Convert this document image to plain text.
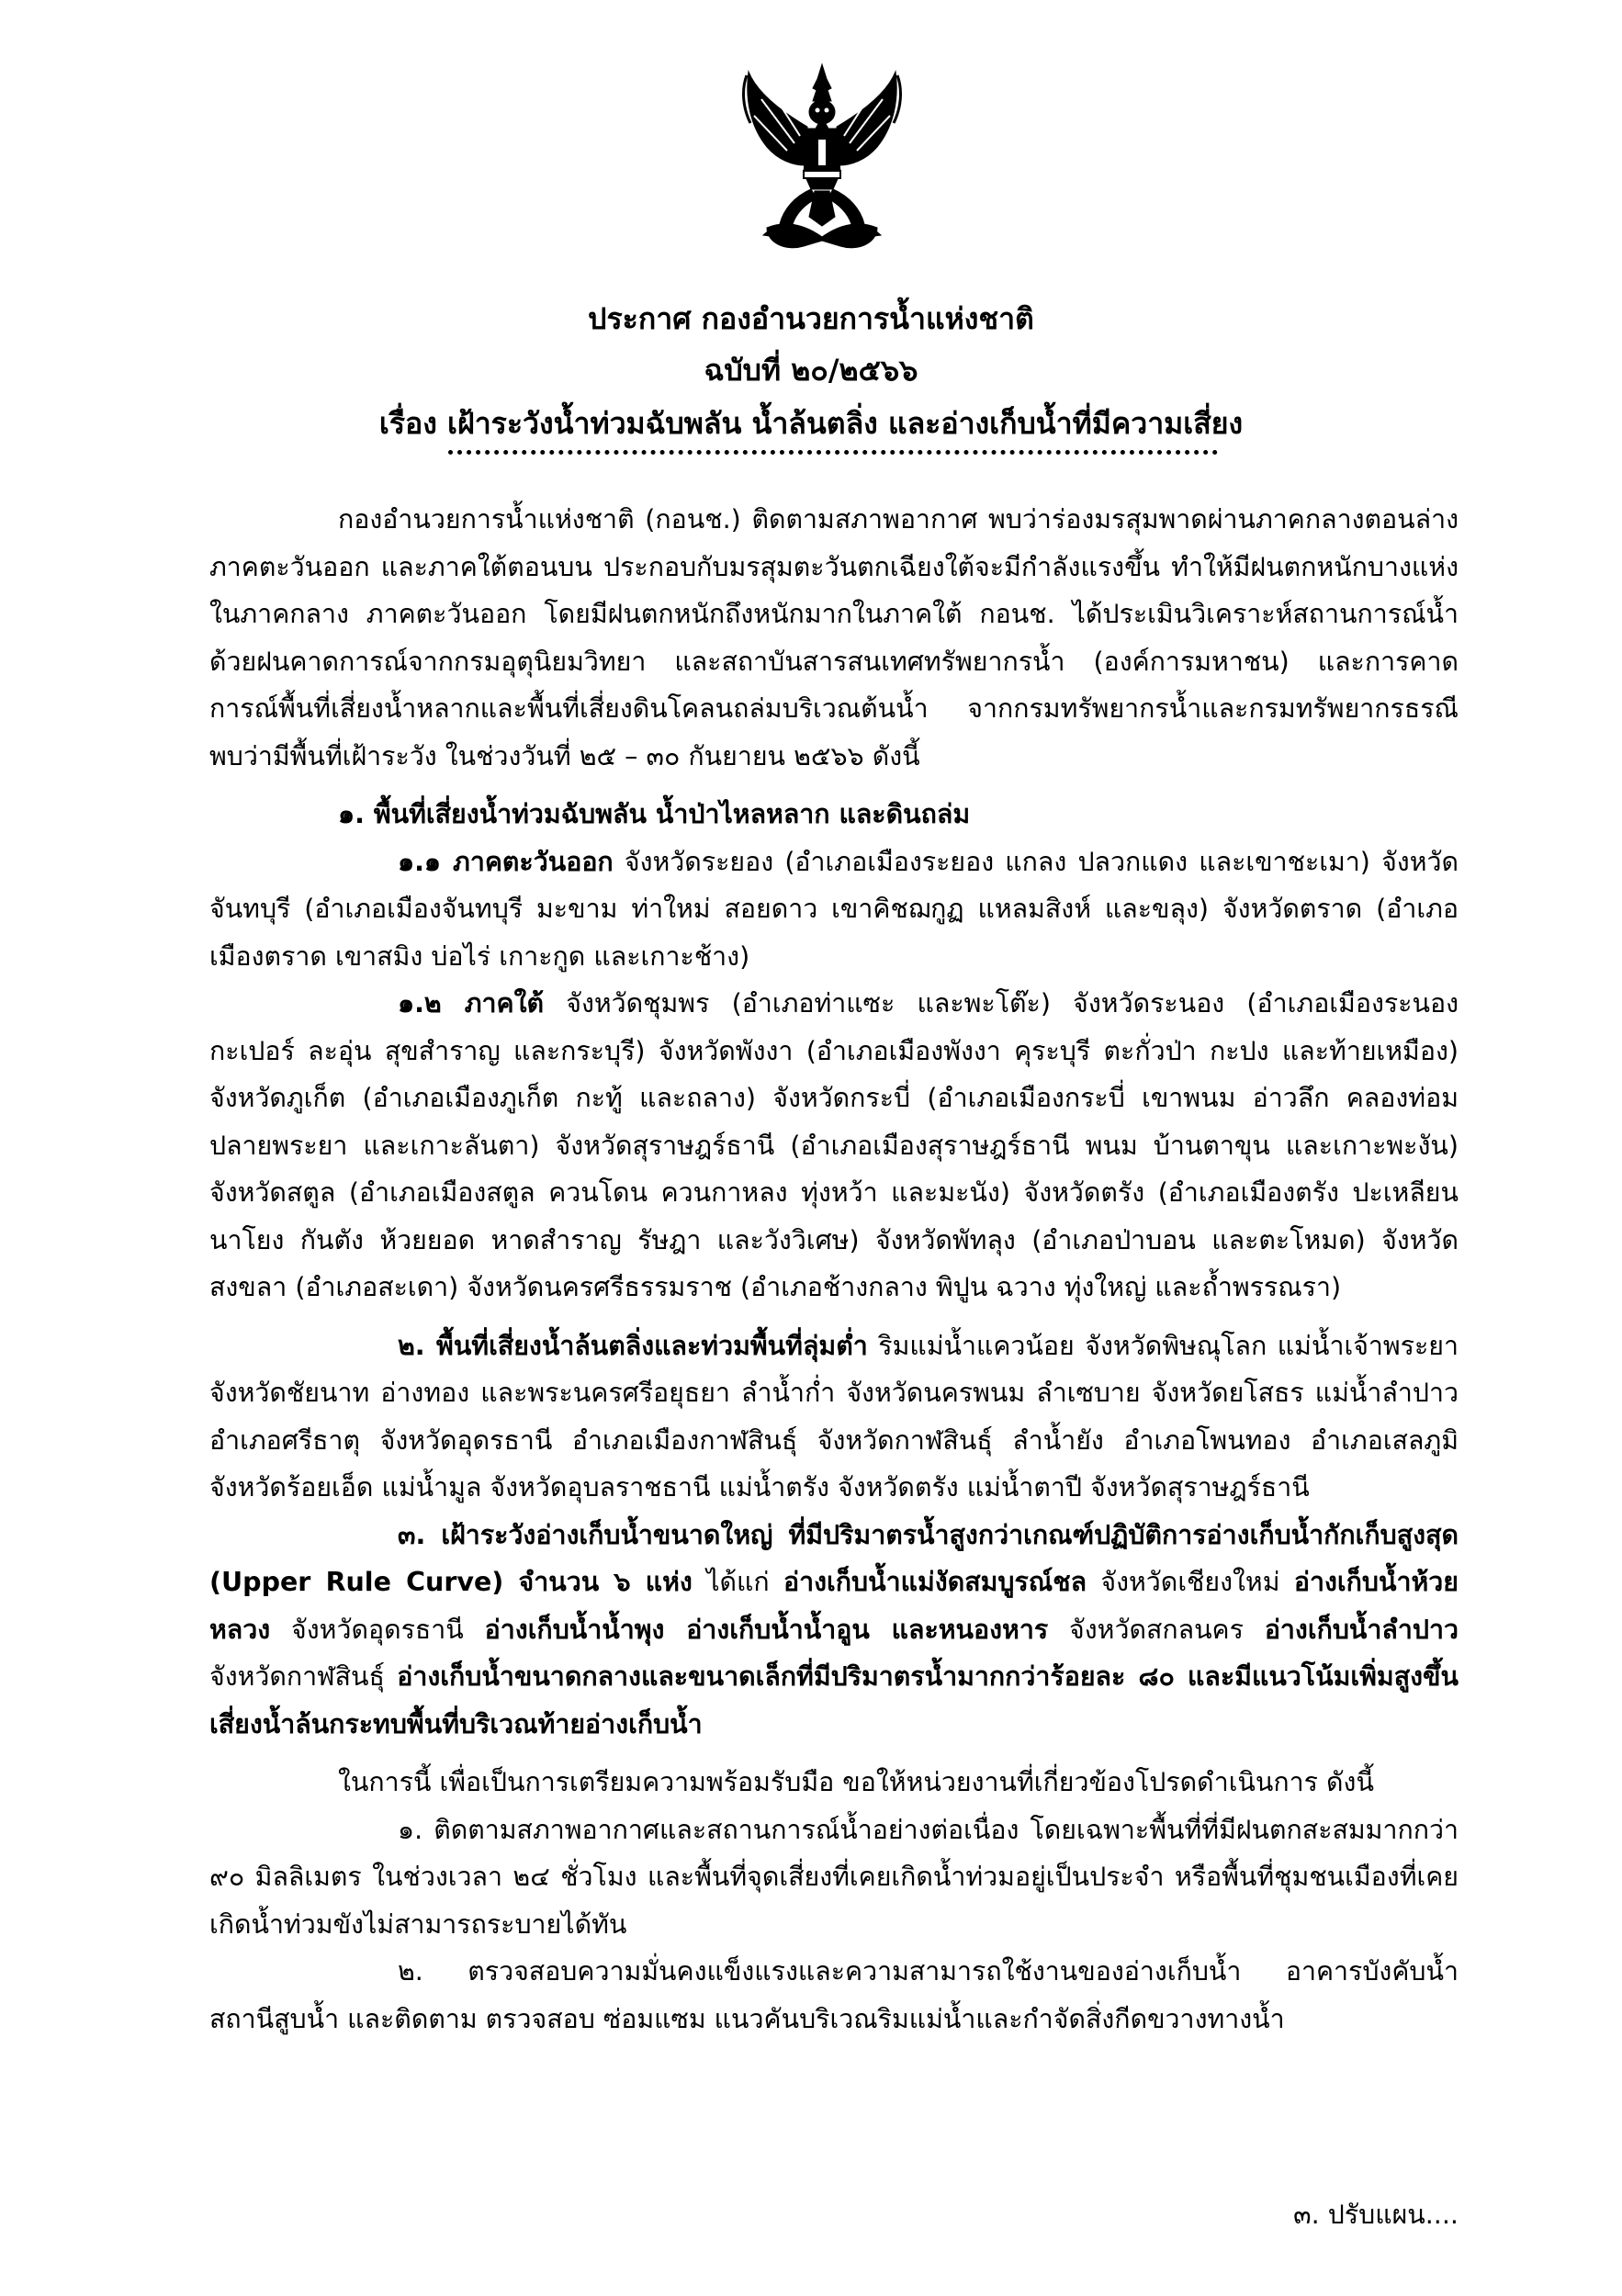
ประกาศ กองอำนวยการน้ำแห่งชาติ
ฉบับที่ ๒๐/๒๕๖๖
เรื่อง เฝ้าระวังน้ำท่วมฉับพลัน น้ำล้นตลิ่ง และอ่างเก็บน้ำที่มีความเสี่ยง

กองอำนวยการน้ำแห่งชาติ (กอนช.) ติดตามสภาพอากาศ พบว่าร่องมรสุมพาดผ่านภาคกลางตอนล่าง ภาคตะวันออก และภาคใต้ตอนบน ประกอบกับมรสุมตะวันตกเฉียงใต้จะมีกำลังแรงขึ้น ทำให้มีฝนตกหนักบางแห่งในภาคกลาง ภาคตะวันออก โดยมีฝนตกหนักถึงหนักมากในภาคใต้ กอนช. ได้ประเมินวิเคราะห์สถานการณ์น้ำด้วยฝนคาดการณ์จากกรมอุตุนิยมวิทยา และสถาบันสารสนเทศทรัพยากรน้ำ (องค์การมหาชน) และการคาดการณ์พื้นที่เสี่ยงน้ำหลากและพื้นที่เสี่ยงดินโคลนถล่มบริเวณต้นน้ำ จากกรมทรัพยากรน้ำและกรมทรัพยากรธรณี พบว่ามีพื้นที่เฝ้าระวัง ในช่วงวันที่ ๒๕ – ๓๐ กันยายน ๒๕๖๖ ดังนี้

๑. พื้นที่เสี่ยงน้ำท่วมฉับพลัน น้ำป่าไหลหลาก และดินถล่ม

๑.๑ ภาคตะวันออก จังหวัดระยอง (อำเภอเมืองระยอง แกลง ปลวกแดง และเขาชะเมา) จังหวัดจันทบุรี (อำเภอเมืองจันทบุรี มะขาม ท่าใหม่ สอยดาว เขาคิชฌกูฏ แหลมสิงห์ และขลุง) จังหวัดตราด (อำเภอเมืองตราด เขาสมิง บ่อไร่ เกาะกูด และเกาะช้าง)

๑.๒ ภาคใต้ จังหวัดชุมพร (อำเภอท่าแซะ และพะโต๊ะ) จังหวัดระนอง (อำเภอเมืองระนอง กะเปอร์ ละอุ่น สุขสำราญ และกระบุรี) จังหวัดพังงา (อำเภอเมืองพังงา คุระบุรี ตะกั่วป่า กะปง และท้ายเหมือง) จังหวัดภูเก็ต (อำเภอเมืองภูเก็ต กะทู้ และถลาง) จังหวัดกระบี่ (อำเภอเมืองกระบี่ เขาพนม อ่าวลึก คลองท่อม ปลายพระยา และเกาะลันตา) จังหวัดสุราษฎร์ธานี (อำเภอเมืองสุราษฎร์ธานี พนม บ้านตาขุน และเกาะพะงัน) จังหวัดสตูล (อำเภอเมืองสตูล ควนโดน ควนกาหลง ทุ่งหว้า และมะนัง) จังหวัดตรัง (อำเภอเมืองตรัง ปะเหลียน นาโยง กันตัง ห้วยยอด หาดสำราญ รัษฎา และวังวิเศษ) จังหวัดพัทลุง (อำเภอป่าบอน และตะโหมด) จังหวัดสงขลา (อำเภอสะเดา) จังหวัดนครศรีธรรมราช (อำเภอช้างกลาง พิปูน ฉวาง ทุ่งใหญ่ และถ้ำพรรณรา)

๒. พื้นที่เสี่ยงน้ำล้นตลิ่งและท่วมพื้นที่ลุ่มต่ำ ริมแม่น้ำแควน้อย จังหวัดพิษณุโลก แม่น้ำเจ้าพระยา จังหวัดชัยนาท อ่างทอง และพระนครศรีอยุธยา ลำน้ำก่ำ จังหวัดนครพนม ลำเซบาย จังหวัดยโสธร แม่น้ำลำปาว อำเภอศรีธาตุ จังหวัดอุดรธานี อำเภอเมืองกาฬสินธุ์ จังหวัดกาฬสินธุ์ ลำน้ำยัง อำเภอโพนทอง อำเภอเสลภูมิ จังหวัดร้อยเอ็ด แม่น้ำมูล จังหวัดอุบลราชธานี แม่น้ำตรัง จังหวัดตรัง แม่น้ำตาปี จังหวัดสุราษฎร์ธานี

๓. เฝ้าระวังอ่างเก็บน้ำขนาดใหญ่ ที่มีปริมาตรน้ำสูงกว่าเกณฑ์ปฏิบัติการอ่างเก็บน้ำกักเก็บสูงสุด (Upper Rule Curve) จำนวน ๖ แห่ง ได้แก่ อ่างเก็บน้ำแม่งัดสมบูรณ์ชล จังหวัดเชียงใหม่ อ่างเก็บน้ำห้วยหลวง จังหวัดอุดรธานี อ่างเก็บน้ำน้ำพุง อ่างเก็บน้ำน้ำอูน และหนองหาร จังหวัดสกลนคร อ่างเก็บน้ำลำปาว จังหวัดกาฬสินธุ์ อ่างเก็บน้ำขนาดกลางและขนาดเล็กที่มีปริมาตรน้ำมากกว่าร้อยละ ๘๐ และมีแนวโน้มเพิ่มสูงขึ้น เสี่ยงน้ำล้นกระทบพื้นที่บริเวณท้ายอ่างเก็บน้ำ

ในการนี้ เพื่อเป็นการเตรียมความพร้อมรับมือ ขอให้หน่วยงานที่เกี่ยวข้องโปรดดำเนินการ ดังนี้

๑. ติดตามสภาพอากาศและสถานการณ์น้ำอย่างต่อเนื่อง โดยเฉพาะพื้นที่ที่มีฝนตกสะสมมากกว่า ๙๐ มิลลิเมตร ในช่วงเวลา ๒๔ ชั่วโมง และพื้นที่จุดเสี่ยงที่เคยเกิดน้ำท่วมอยู่เป็นประจำ หรือพื้นที่ชุมชนเมืองที่เคยเกิดน้ำท่วมขังไม่สามารถระบายได้ทัน

๒. ตรวจสอบความมั่นคงแข็งแรงและความสามารถใช้งานของอ่างเก็บน้ำ อาคารบังคับน้ำ สถานีสูบน้ำ และติดตาม ตรวจสอบ ซ่อมแซม แนวคันบริเวณริมแม่น้ำและกำจัดสิ่งกีดขวางทางน้ำ

๓. ปรับแผน....
